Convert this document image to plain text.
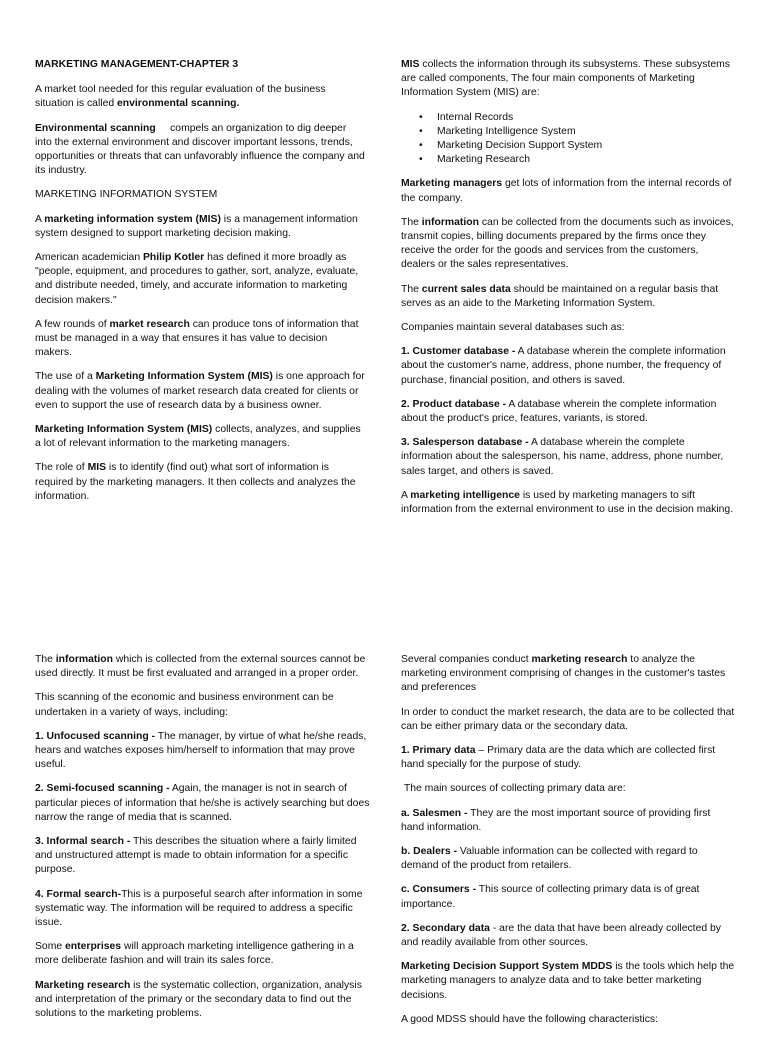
MARKETING MANAGEMENT-CHAPTER 3

A market tool needed for this regular evaluation of the business situation is called environmental scanning.

Environmental scanning     compels an organization to dig deeper into the external environment and discover important lessons, trends, opportunities or threats that can unfavorably influence the company and its industry.

MARKETING INFORMATION SYSTEM

A marketing information system (MIS) is a management information system designed to support marketing decision making.

American academician Philip Kotler has defined it more broadly as "people, equipment, and procedures to gather, sort, analyze, evaluate, and distribute needed, timely, and accurate information to marketing decision makers."

A few rounds of market research can produce tons of information that must be managed in a way that ensures it has value to decision makers.

The use of a Marketing Information System (MIS) is one approach for dealing with the volumes of market research data created for clients or even to support the use of research data by a business owner.

Marketing Information System (MIS) collects, analyzes, and supplies a lot of relevant information to the marketing managers.

The role of MIS is to identify (find out) what sort of information is required by the marketing managers. It then collects and analyzes the information.

MIS collects the information through its subsystems. These subsystems are called components, The four main components of Marketing Information System (MIS) are:

• Internal Records
• Marketing Intelligence System
• Marketing Decision Support System
• Marketing Research

Marketing managers get lots of information from the internal records of the company.

The information can be collected from the documents such as invoices, transmit copies, billing documents prepared by the firms once they receive the order for the goods and services from the customers, dealers or the sales representatives.

The current sales data should be maintained on a regular basis that serves as an aide to the Marketing Information System.

Companies maintain several databases such as:

1. Customer database - A database wherein the complete information about the customer's name, address, phone number, the frequency of purchase, financial position, and others is saved.

2. Product database - A database wherein the complete information about the product's price, features, variants, is stored.

3. Salesperson database - A database wherein the complete information about the salesperson, his name, address, phone number, sales target, and others is saved.

A marketing intelligence is used by marketing managers to sift information from the external environment to use in the decision making.

The information which is collected from the external sources cannot be used directly. It must be first evaluated and arranged in a proper order.

This scanning of the economic and business environment can be undertaken in a variety of ways, including:

1. Unfocused scanning - The manager, by virtue of what he/she reads, hears and watches exposes him/herself to information that may prove useful.

2. Semi-focused scanning - Again, the manager is not in search of particular pieces of information that he/she is actively searching but does narrow the range of media that is scanned.

3. Informal search - This describes the situation where a fairly limited and unstructured attempt is made to obtain information for a specific purpose.

4. Formal search-This is a purposeful search after information in some systematic way. The information will be required to address a specific issue.

Some enterprises will approach marketing intelligence gathering in a more deliberate fashion and will train its sales force.

Marketing research is the systematic collection, organization, analysis and interpretation of the primary or the secondary data to find out the solutions to the marketing problems.

Several companies conduct marketing research to analyze the marketing environment comprising of changes in the customer's tastes and preferences

In order to conduct the market research, the data are to be collected that can be either primary data or the secondary data.

1. Primary data – Primary data are the data which are collected first hand specially for the purpose of study.

The main sources of collecting primary data are:

a. Salesmen - They are the most important source of providing first hand information.

b. Dealers - Valuable information can be collected with regard to demand of the product from retailers.

c. Consumers - This source of collecting primary data is of great importance.

2. Secondary data - are the data that have been already collected by and readily available from other sources.

Marketing Decision Support System MDDS is the tools which help the marketing managers to analyze data and to take better marketing decisions.

A good MDSS should have the following characteristics:
